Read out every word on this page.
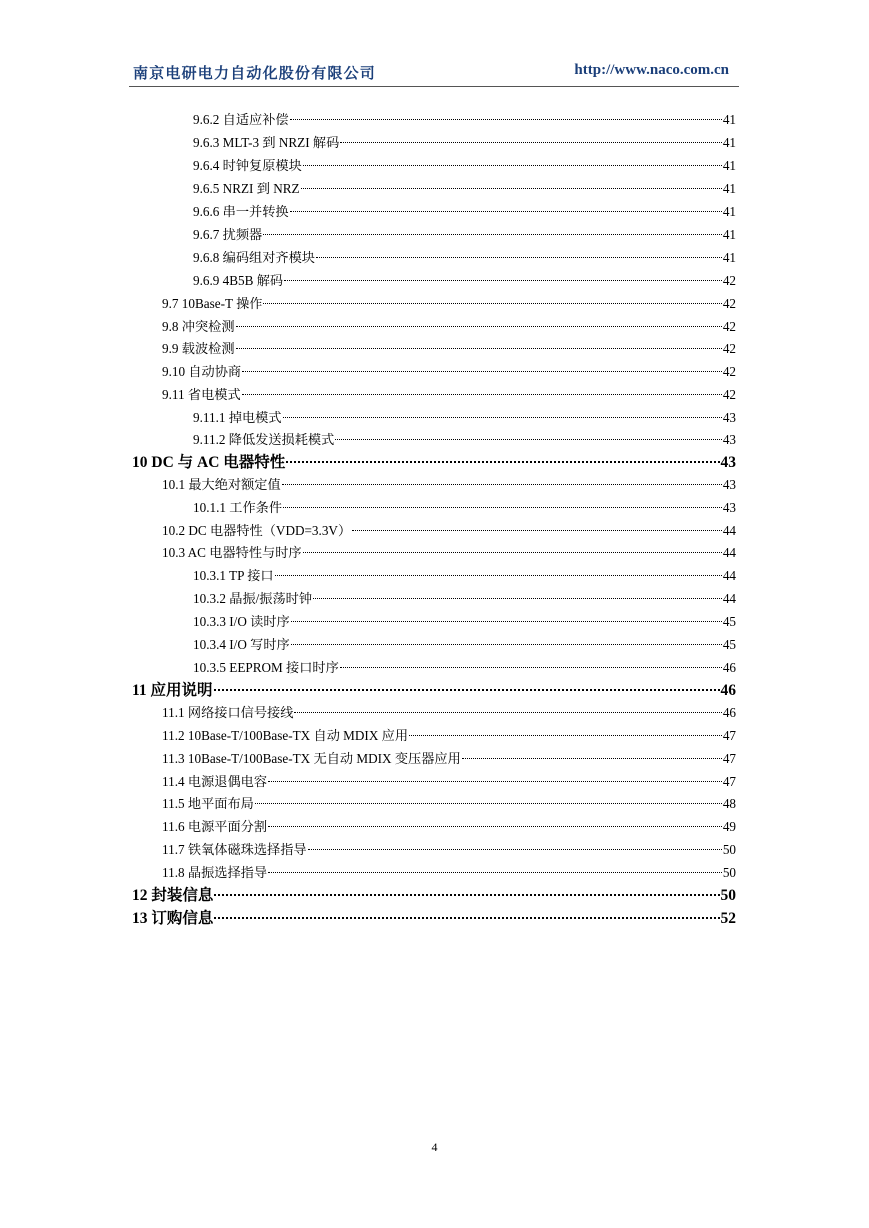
南京电研电力自动化股份有限公司	http://www.naco.com.cn
9.6.2 自适应补偿	41
9.6.3 MLT-3 到 NRZI 解码	41
9.6.4 时钟复原模块	41
9.6.5 NRZI 到 NRZ	41
9.6.6 串一并转换	41
9.6.7 扰频器	41
9.6.8 编码组对齐模块	41
9.6.9 4B5B 解码	42
9.7 10Base-T 操作	42
9.8 冲突检测	42
9.9 载波检测	42
9.10 自动协商	42
9.11 省电模式	42
9.11.1 掉电模式	43
9.11.2 降低发送损耗模式	43
10 DC 与 AC 电器特性	43
10.1 最大绝对额定值	43
10.1.1 工作条件	43
10.2 DC 电器特性（VDD=3.3V）	44
10.3 AC 电器特性与时序	44
10.3.1 TP 接口	44
10.3.2 晶振/振荡时钟	44
10.3.3 I/O 读时序	45
10.3.4 I/O 写时序	45
10.3.5 EEPROM 接口时序	46
11 应用说明	46
11.1 网络接口信号接线	46
11.2 10Base-T/100Base-TX 自动 MDIX 应用	47
11.3 10Base-T/100Base-TX 无自动 MDIX 变压器应用	47
11.4 电源退偶电容	47
11.5 地平面布局	48
11.6 电源平面分割	49
11.7 铁氧体磁珠选择指导	50
11.8 晶振选择指导	50
12 封装信息	50
13 订购信息	52
4
